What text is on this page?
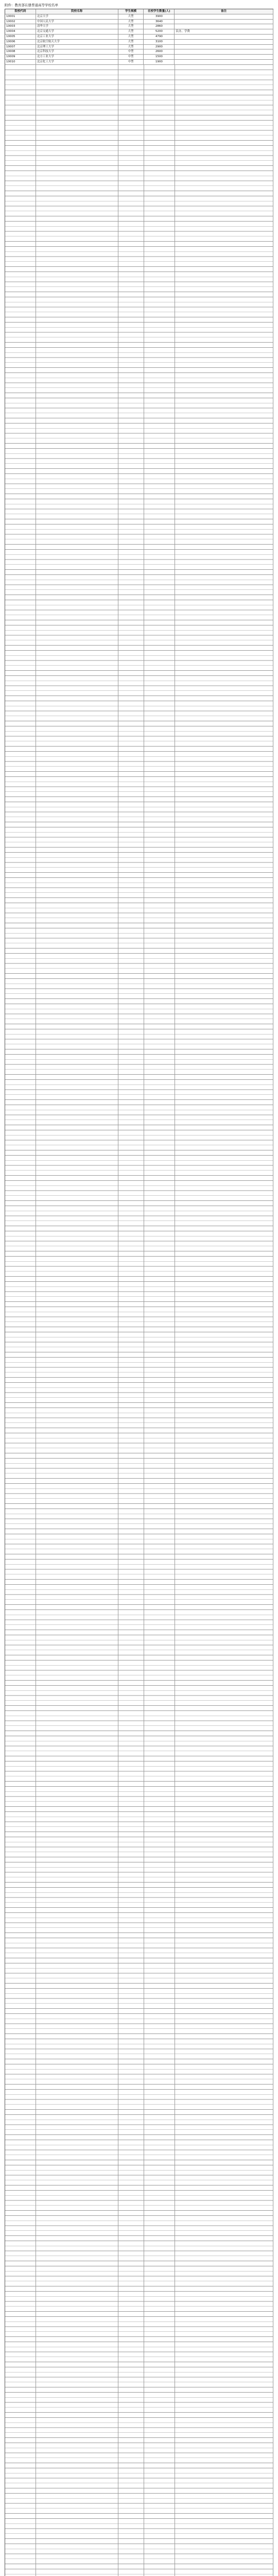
附件：教育部在册普通高等学校名单
院校代码	院校名称	学生规模	在校学生数量(人)	备注
10001	北京大学	大型	3900
10002	中国人民大学	大型	3640
10003	清华大学	大型	2860
10004	北京交通大学	大型	5200	民办，学费
10005	北京工业大学	大型	4790
10006	北京航空航天大学	大型	3100
10007	北京理工大学	大型	2900
10008	北京科技大学	中型	2600
10009	北方工业大学	中型	1500
10010	北京化工大学	中型	1900
